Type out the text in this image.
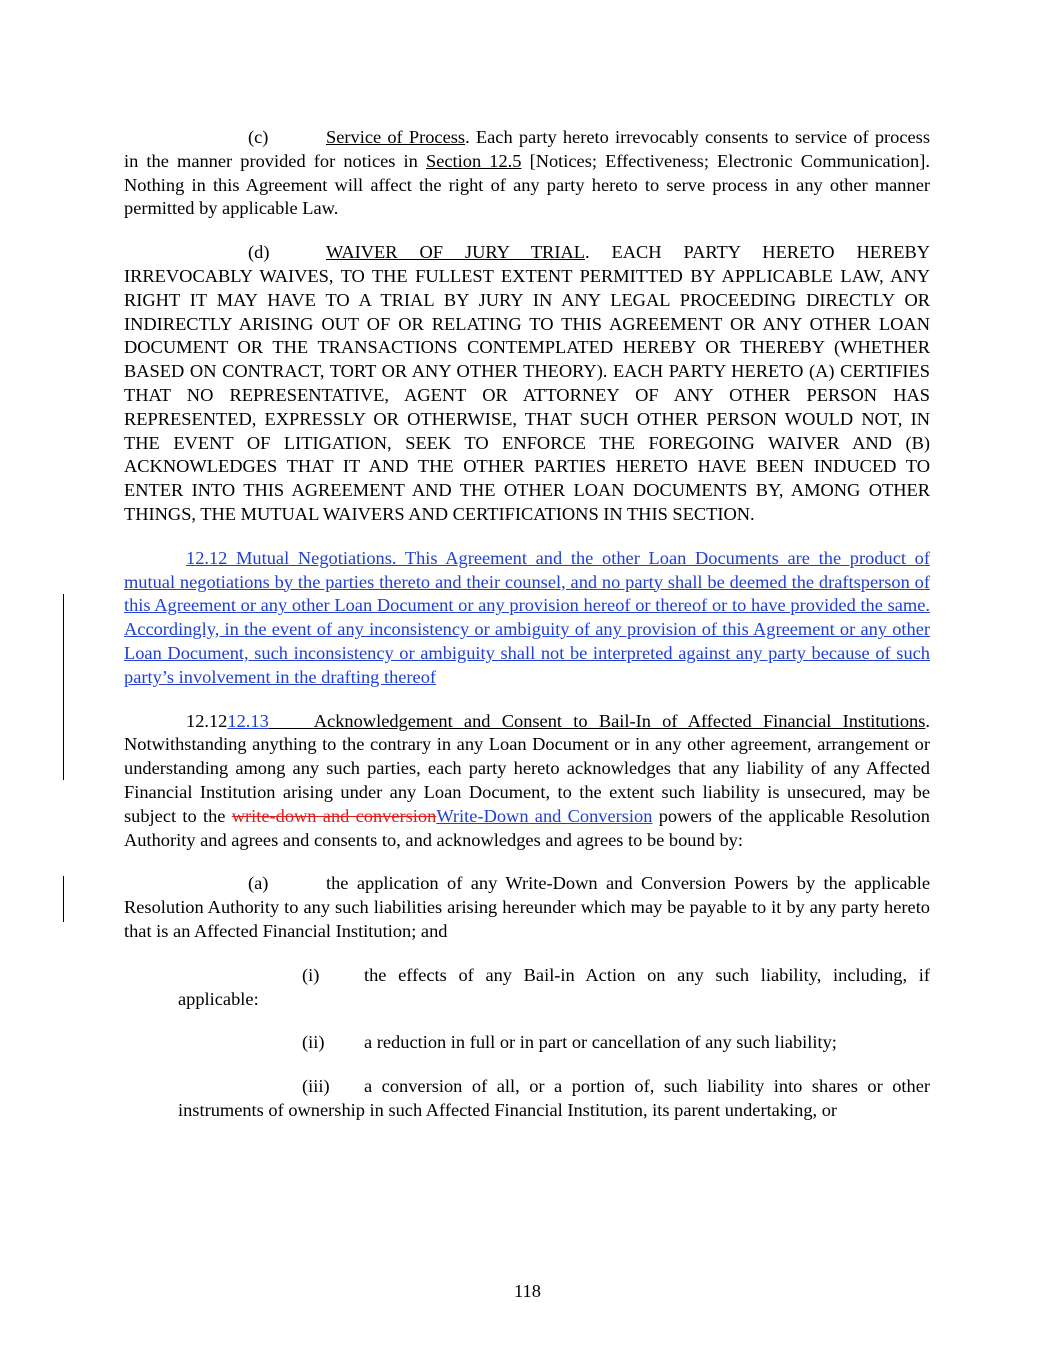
(c)	Service of Process. Each party hereto irrevocably consents to service of process in the manner provided for notices in Section 12.5 [Notices; Effectiveness; Electronic Communication]. Nothing in this Agreement will affect the right of any party hereto to serve process in any other manner permitted by applicable Law.

(d)	WAIVER OF JURY TRIAL. EACH PARTY HERETO HEREBY IRREVOCABLY WAIVES, TO THE FULLEST EXTENT PERMITTED BY APPLICABLE LAW, ANY RIGHT IT MAY HAVE TO A TRIAL BY JURY IN ANY LEGAL PROCEEDING DIRECTLY OR INDIRECTLY ARISING OUT OF OR RELATING TO THIS AGREEMENT OR ANY OTHER LOAN DOCUMENT OR THE TRANSACTIONS CONTEMPLATED HEREBY OR THEREBY (WHETHER BASED ON CONTRACT, TORT OR ANY OTHER THEORY). EACH PARTY HERETO (A) CERTIFIES THAT NO REPRESENTATIVE, AGENT OR ATTORNEY OF ANY OTHER PERSON HAS REPRESENTED, EXPRESSLY OR OTHERWISE, THAT SUCH OTHER PERSON WOULD NOT, IN THE EVENT OF LITIGATION, SEEK TO ENFORCE THE FOREGOING WAIVER AND (B) ACKNOWLEDGES THAT IT AND THE OTHER PARTIES HERETO HAVE BEEN INDUCED TO ENTER INTO THIS AGREEMENT AND THE OTHER LOAN DOCUMENTS BY, AMONG OTHER THINGS, THE MUTUAL WAIVERS AND CERTIFICATIONS IN THIS SECTION.

12.12 Mutual Negotiations. This Agreement and the other Loan Documents are the product of mutual negotiations by the parties thereto and their counsel, and no party shall be deemed the draftsperson of this Agreement or any other Loan Document or any provision hereof or thereof or to have provided the same. Accordingly, in the event of any inconsistency or ambiguity of any provision of this Agreement or any other Loan Document, such inconsistency or ambiguity shall not be interpreted against any party because of such party’s involvement in the drafting thereof

12.1212.13 Acknowledgement and Consent to Bail-In of Affected Financial Institutions. Notwithstanding anything to the contrary in any Loan Document or in any other agreement, arrangement or understanding among any such parties, each party hereto acknowledges that any liability of any Affected Financial Institution arising under any Loan Document, to the extent such liability is unsecured, may be subject to the write-down and conversionWrite-Down and Conversion powers of the applicable Resolution Authority and agrees and consents to, and acknowledges and agrees to be bound by:

(a)	the application of any Write-Down and Conversion Powers by the applicable Resolution Authority to any such liabilities arising hereunder which may be payable to it by any party hereto that is an Affected Financial Institution; and

(i) the effects of any Bail-in Action on any such liability, including, if applicable:

(ii) a reduction in full or in part or cancellation of any such liability;

(iii) a conversion of all, or a portion of, such liability into shares or other instruments of ownership in such Affected Financial Institution, its parent undertaking, or

118
